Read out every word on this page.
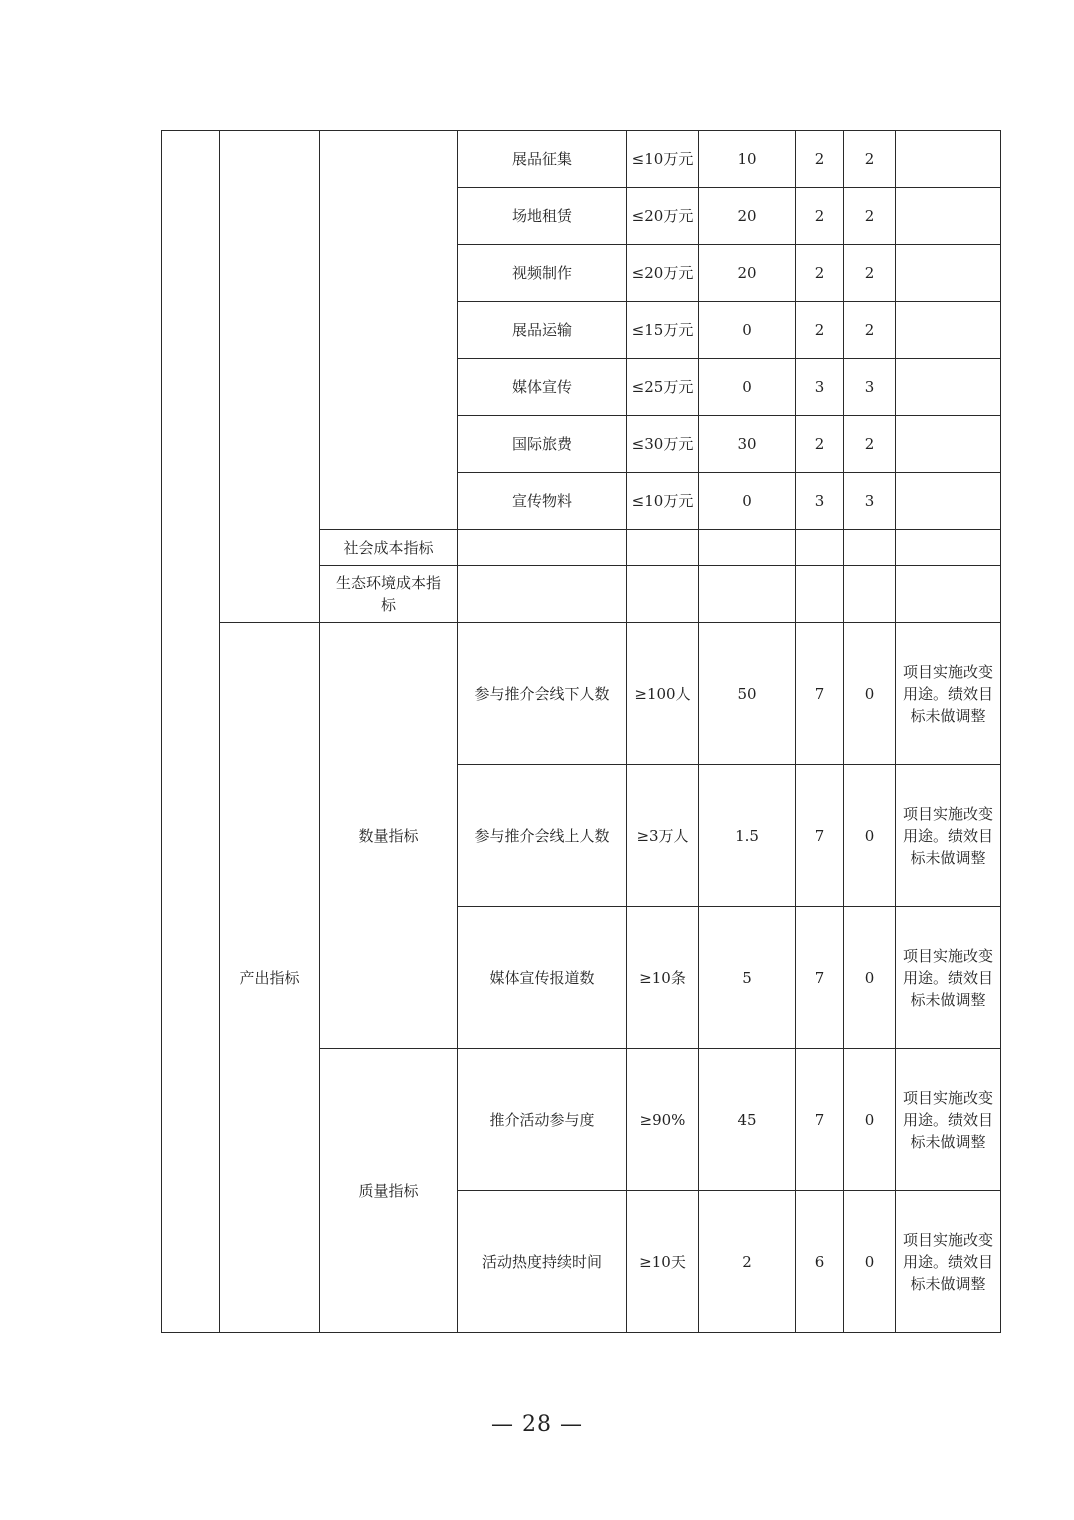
			展品征集	≤10万元	10	2	2	
			场地租赁	≤20万元	20	2	2	
			视频制作	≤20万元	20	2	2	
			展品运输	≤15万元	0	2	2	
			媒体宣传	≤25万元	0	3	3	
			国际旅费	≤30万元	30	2	2	
			宣传物料	≤10万元	0	3	3	
		社会成本指标						
		生态环境成本指标						
	产出指标	数量指标	参与推介会线下人数	≥100人	50	7	0	项目实施改变用途。绩效目标未做调整
			参与推介会线上人数	≥3万人	1.5	7	0	项目实施改变用途。绩效目标未做调整
			媒体宣传报道数	≥10条	5	7	0	项目实施改变用途。绩效目标未做调整
		质量指标	推介活动参与度	≥90%	45	7	0	项目实施改变用途。绩效目标未做调整
			活动热度持续时间	≥10天	2	6	0	项目实施改变用途。绩效目标未做调整
— 28 —
